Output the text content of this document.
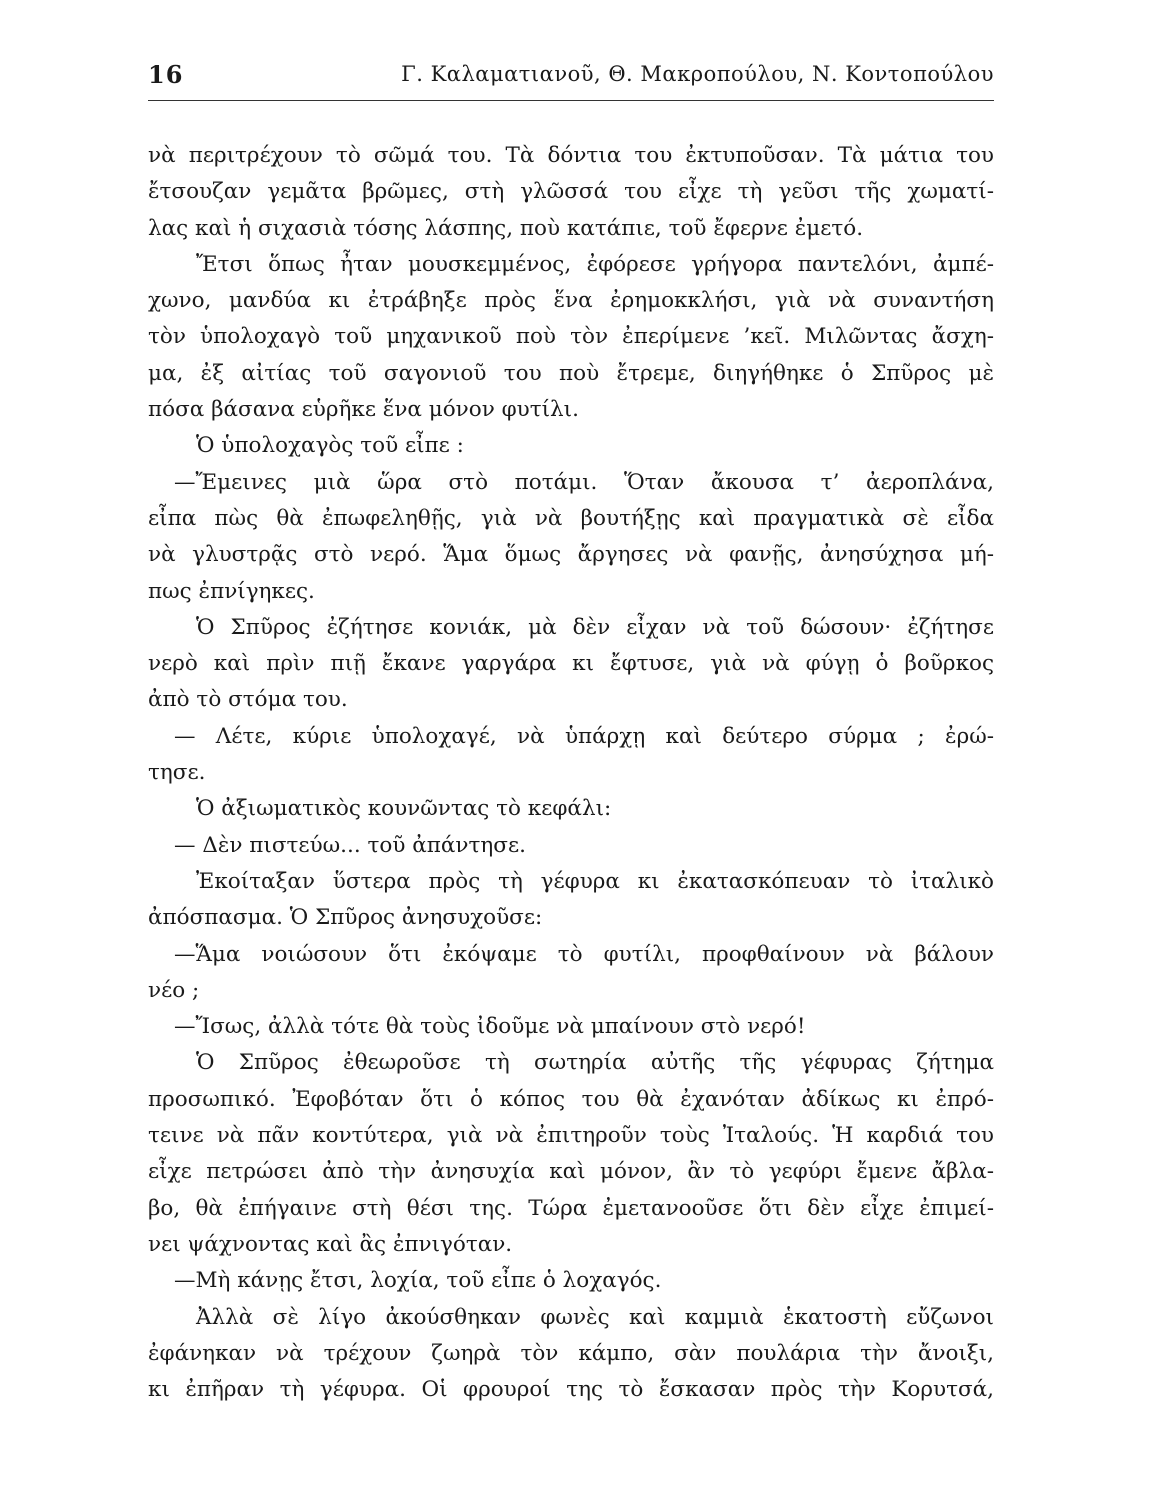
16	Γ. Καλαματιανοῦ, Θ. Μακροπούλου, Ν. Κοντοπούλου
νὰ περιτρέχουν τὸ σῶμά του. Τὰ δόντια του ἐκτυποῦσαν. Τὰ μάτια του
ἔτσουζαν γεμᾶτα βρῶμες, στὴ γλῶσσά του εἶχε τὴ γεῦσι τῆς χωματί-
λας καὶ ἡ σιχασιὰ τόσης λάσπης, ποὺ κατάπιε, τοῦ ἔφερνε ἐμετό.
Ἔτσι ὅπως ἦταν μουσκεμμένος, ἐφόρεσε γρήγορα παντελόνι, ἀμπέ-
χωνο, μανδύα κι ἐτράβηξε πρὸς ἕνα ἐρημοκκλήσι, γιὰ νὰ συναντήση
τὸν ὑπολοχαγὸ τοῦ μηχανικοῦ ποὺ τὸν ἐπερίμενε ’κεῖ. Μιλῶντας ἄσχη-
μα, ἐξ αἰτίας τοῦ σαγονιοῦ του ποὺ ἔτρεμε, διηγήθηκε ὁ Σπῦρος μὲ
πόσα βάσανα εὑρῆκε ἕνα μόνον φυτίλι.
Ὁ ὑπολοχαγὸς τοῦ εἶπε :
—Ἔμεινες μιὰ ὥρα στὸ ποτάμι. Ὅταν ἄκουσα τ’ ἀεροπλάνα,
εἶπα πὼς θὰ ἐπωφεληθῇς, γιὰ νὰ βουτήξῃς καὶ πραγματικὰ σὲ εἶδα
νὰ γλυστρᾷς στὸ νερό. Ἅμα ὅμως ἄργησες νὰ φανῇς, ἀνησύχησα μή-
πως ἐπνίγηκες.
Ὁ Σπῦρος ἐζήτησε κονιάκ, μὰ δὲν εἶχαν νὰ τοῦ δώσουν· ἐζήτησε
νερὸ καὶ πρὶν πιῇ ἔκανε γαργάρα κι ἔφτυσε, γιὰ νὰ φύγῃ ὁ βοῦρκος
ἀπὸ τὸ στόμα του.
— Λέτε, κύριε ὑπολοχαγέ, νὰ ὑπάρχῃ καὶ δεύτερο σύρμα ; ἐρώ-
τησε.
Ὁ ἀξιωματικὸς κουνῶντας τὸ κεφάλι:
— Δὲν πιστεύω... τοῦ ἀπάντησε.
Ἐκοίταξαν ὕστερα πρὸς τὴ γέφυρα κι ἐκατασκόπευαν τὸ ἰταλικὸ
ἀπόσπασμα. Ὁ Σπῦρος ἀνησυχοῦσε:
—Ἅμα νοιώσουν ὅτι ἐκόψαμε τὸ φυτίλι, προφθαίνουν νὰ βάλουν
νέο ;
—Ἴσως, ἀλλὰ τότε θὰ τοὺς ἰδοῦμε νὰ μπαίνουν στὸ νερό!
Ὁ Σπῦρος ἐθεωροῦσε τὴ σωτηρία αὐτῆς τῆς γέφυρας ζήτημα
προσωπικό. Ἐφοβόταν ὅτι ὁ κόπος του θὰ ἐχανόταν ἀδίκως κι ἐπρό-
τεινε νὰ πᾶν κοντύτερα, γιὰ νὰ ἐπιτηροῦν τοὺς Ἰταλούς. Ἡ καρδιά του
εἶχε πετρώσει ἀπὸ τὴν ἀνησυχία καὶ μόνον, ἂν τὸ γεφύρι ἔμενε ἄβλα-
βο, θὰ ἐπήγαινε στὴ θέσι της. Τώρα ἐμετανοοῦσε ὅτι δὲν εἶχε ἐπιμεί-
νει ψάχνοντας καὶ ἂς ἐπνιγόταν.
—Μὴ κάνῃς ἔτσι, λοχία, τοῦ εἶπε ὁ λοχαγός.
Ἀλλὰ σὲ λίγο ἀκούσθηκαν φωνὲς καὶ καμμιὰ ἑκατοστὴ εὔζωνοι
ἐφάνηκαν νὰ τρέχουν ζωηρὰ τὸν κάμπο, σὰν πουλάρια τὴν ἄνοιξι,
κι ἐπῆραν τὴ γέφυρα. Οἱ φρουροί της τὸ ἔσκασαν πρὸς τὴν Κορυτσά,
